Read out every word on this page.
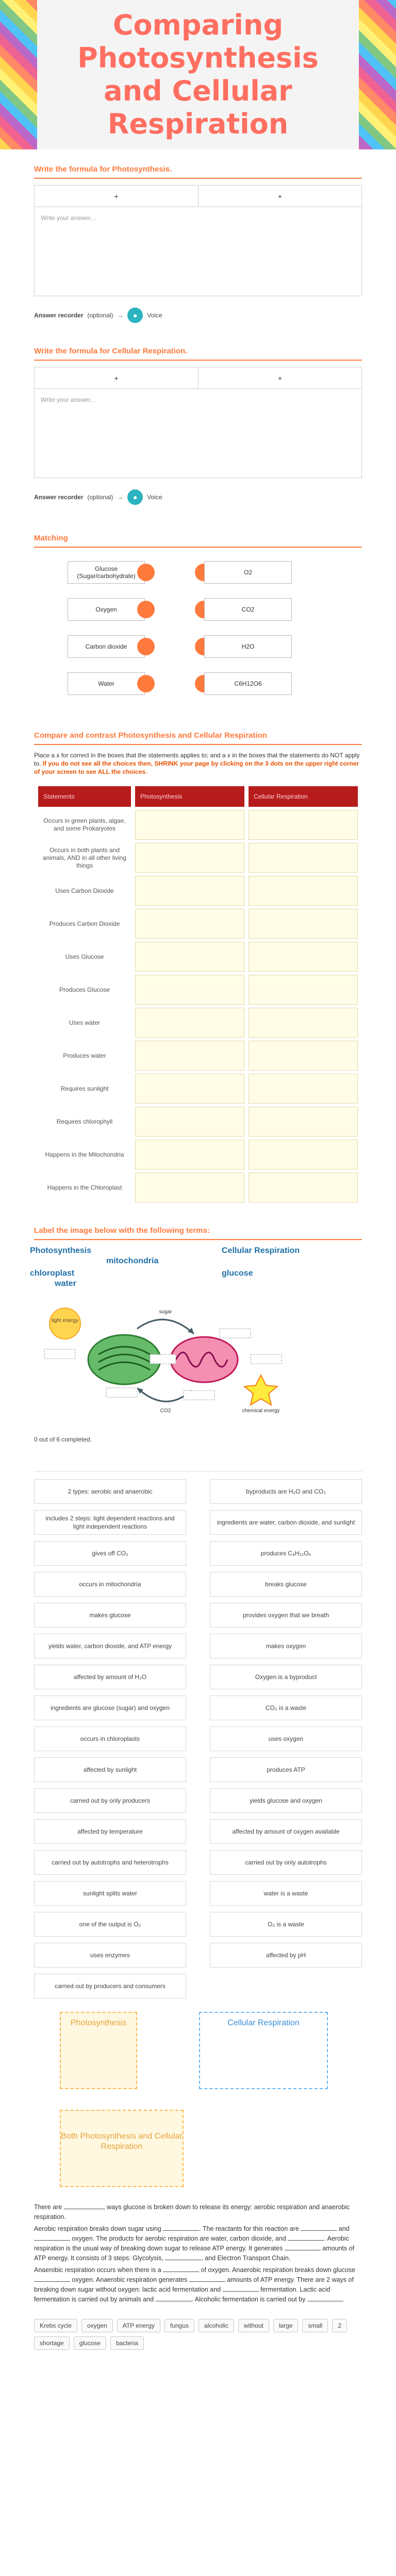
Comparing
Photosynthesis
and Cellular
Respiration
Write the formula for Photosynthesis.
+	+
Write your answer...
Answer recorder (optional) →	●	Voice
Write the formula for Cellular Respiration.
+	+
Write your answer...
Answer recorder (optional) →	●	Voice
Matching
Glucose (Sugar/carbohydrate)	O2
Oxygen	CO2
Carbon dioxide	H2O
Water	C6H12O6
Compare and contrast Photosynthesis and Cellular Respiration
Place a x for correct in the boxes that the statements applies to; and a x in the boxes that the statements do NOT apply to. If you do not see all the choices then, SHRINK your page by clicking on the 3 dots on the upper right corner of your screen to see ALL the choices.
Statements	Photosynthesis	Cellular Respiration
Occurs in green plants, algae, and some Prokaryotes		
Occurs in both plants and animals, AND in all other living things		
Uses Carbon Dioxide		
Produces Carbon Dioxide		
Uses Glucose		
Produces Glucose		
Uses water		
Produces water		
Requires sunlight		
Requires chlorophyll		
Happens in the Mitochondria		
Happens in the Chloroplast		
Label the image below with the following terms:
Photosynthesis	Cellular Respiration
mitochondria
chloroplast	glucose
water
light energy
sugar
CO2	chemical energy
0 out of 6 completed.
2 types: aerobic and anaerobic	byproducts are H₂O and CO₂
includes 2 steps: light dependent reactions and light independent reactions
ingredients are water, carbon dioxide, and sunlight
gives off CO₂	produces C₆H₁₂O₆
occurs in mitochondria	breaks glucose
makes glucose	provides oxygen that we breath
yields water, carbon dioxide, and ATP energy	makes oxygen
affected by amount of H₂O	Oxygen is a byproduct
ingredients are glucose (sugar) and oxygen	CO₂ is a waste
occurs in chloroplasts	uses oxygen
affected by sunlight	produces ATP
carried out by only producers	yields glucose and oxygen
affected by temperature	affected by amount of oxygen available
carried out by autotrophs and heterotrophs	carried out by only autotrophs
sunlight splits water	water is a waste
one of the output is O₂	O₂ is a waste
uses enzymes	affected by pH
carried out by producers and consumers
Photosynthesis	Cellular Respiration
Both Photosynthesis and Cellular Respiration

There are	ways glucose is broken down to release its energy: aerobic respiration and anaerobic respiration.

Aerobic respiration breaks down sugar using	. The reactants for this reaction are	and  oxygen. The products for aerobic respiration are water, carbon dioxide, and	. Aerobic respiration is the usual way of breaking down sugar to release ATP energy. It generates	amounts of ATP energy. It consists of 3 steps: Glycolysis,	, and Electron Transport Chain.

Anaerobic respiration occurs when there is a	of oxygen. Anaerobic respiration breaks down glucose  oxygen. Anaerobic respiration generates	amounts of ATP energy. There are 2 ways of breaking down sugar without oxygen: lactic acid fermentation and	fermentation. Lactic acid fermentation is carried out by animals and	. Alcoholic fermentation is carried out by

Krebs cycle	oxygen	ATP energy	fungus	alcoholic	without	large	small	2
shortage	glucose	bacteria
